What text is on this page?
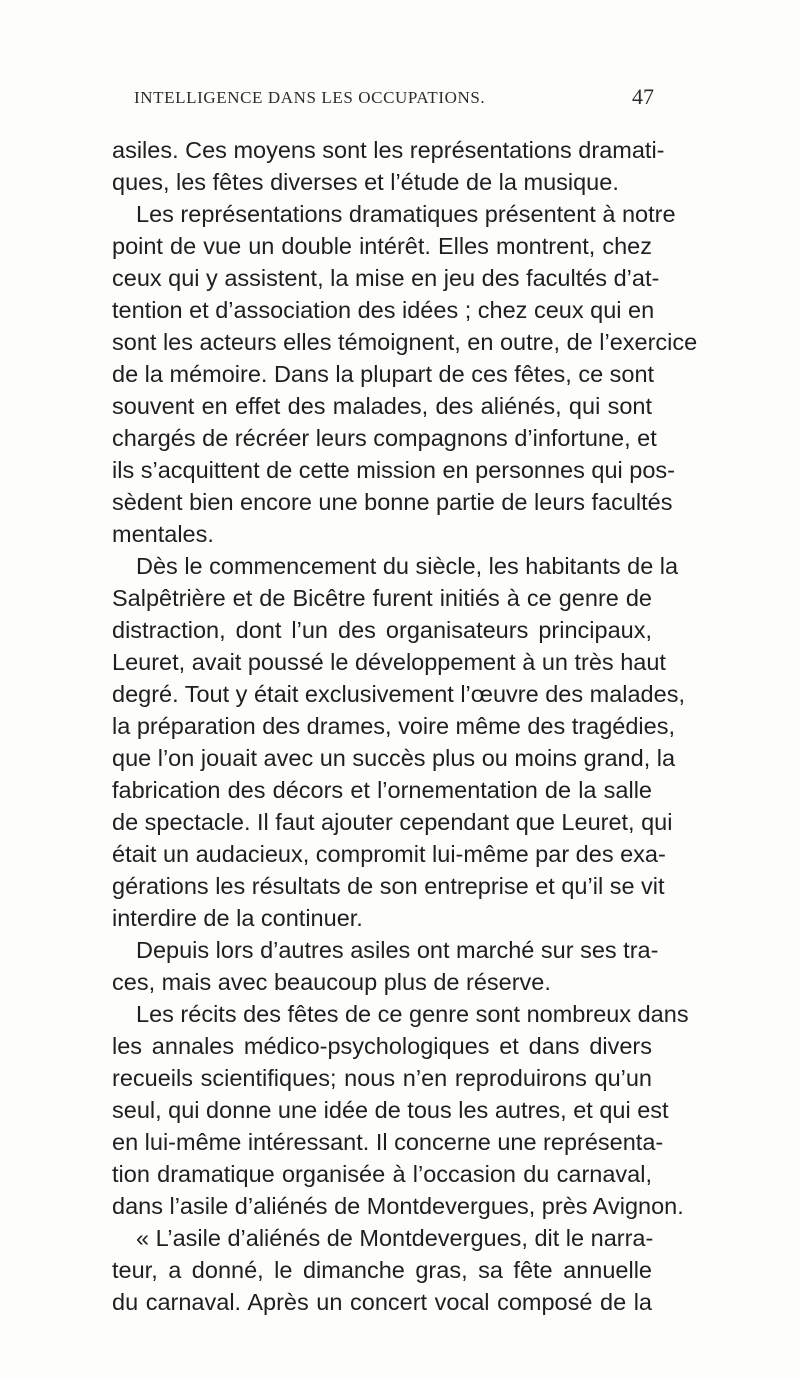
INTELLIGENCE DANS LES OCCUPATIONS.	47
asiles. Ces moyens sont les représentations dramati-
ques, les fêtes diverses et l’étude de la musique.
Les représentations dramatiques présentent à notre
point de vue un double intérêt. Elles montrent, chez
ceux qui y assistent, la mise en jeu des facultés d’at-
tention et d’association des idées ; chez ceux qui en
sont les acteurs elles témoignent, en outre, de l’exercice
de la mémoire. Dans la plupart de ces fêtes, ce sont
souvent en effet des malades, des aliénés, qui sont
chargés de récréer leurs compagnons d’infortune, et
ils s’acquittent de cette mission en personnes qui pos-
sèdent bien encore une bonne partie de leurs facultés
mentales.
Dès le commencement du siècle, les habitants de la
Salpêtrière et de Bicêtre furent initiés à ce genre de
distraction, dont l’un des organisateurs principaux,
Leuret, avait poussé le développement à un très haut
degré. Tout y était exclusivement l’œuvre des malades,
la préparation des drames, voire même des tragédies,
que l’on jouait avec un succès plus ou moins grand, la
fabrication des décors et l’ornementation de la salle
de spectacle. Il faut ajouter cependant que Leuret, qui
était un audacieux, compromit lui-même par des exa-
gérations les résultats de son entreprise et qu’il se vit
interdire de la continuer.
Depuis lors d’autres asiles ont marché sur ses tra-
ces, mais avec beaucoup plus de réserve.
Les récits des fêtes de ce genre sont nombreux dans
les annales médico-psychologiques et dans divers
recueils scientifiques; nous n’en reproduirons qu’un
seul, qui donne une idée de tous les autres, et qui est
en lui-même intéressant. Il concerne une représenta-
tion dramatique organisée à l’occasion du carnaval,
dans l’asile d’aliénés de Montdevergues, près Avignon.
« L’asile d’aliénés de Montdevergues, dit le narra-
teur, a donné, le dimanche gras, sa fête annuelle
du carnaval. Après un concert vocal composé de la
